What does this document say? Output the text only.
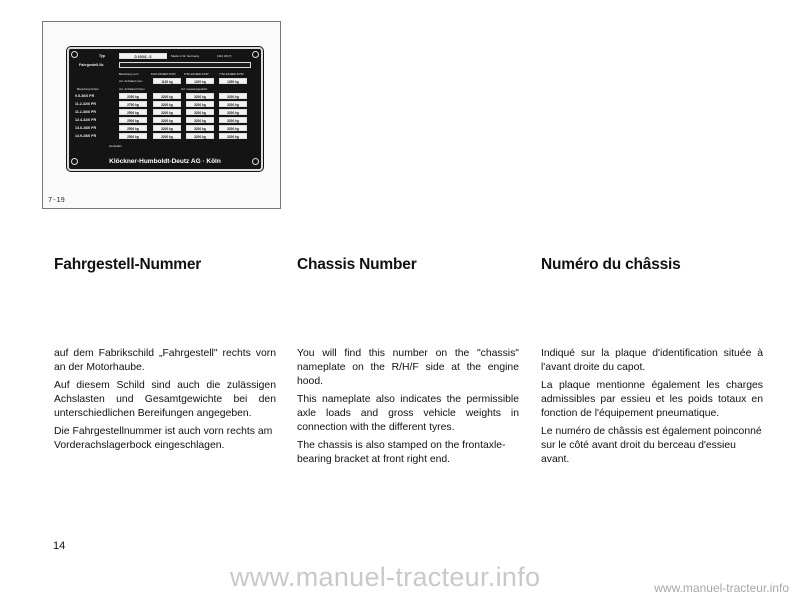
Typ	D 10002 - S	Made in W. Germany	(424 1617)
Fahrgestell-Nr.
Bereifung vorn	8.00-15/4ER-8 PR	6.50-16/4ER-6 PR	7.50-16/4ER-8 PR
zul. Achslast vorn	1120 kg	1200 kg	1250 kg
Bereifung hinten	zul. Achslast hinten	zul. Gesamtgewicht
9.5-36/6 PR	2250 kg	3200 kg	3200 kg	3200 kg
11.2-32/6 PR	2750 kg	3200 kg	3200 kg	3200 kg
11.2-36/6 PR	2500 kg	3200 kg	3200 kg	3200 kg
12.4-32/6 PR	2500 kg	3200 kg	3200 kg	3200 kg
13.6-28/6 PR	2500 kg	3200 kg	3200 kg	3200 kg
14.9-28/6 PR	2500 kg	3200 kg	3200 kg	3200 kg
Hersteller
Klöckner-Humboldt-Deutz AG · Köln
7-19
Fahrgestell-Nummer	Chassis Number	Numéro du châssis

auf dem Fabrikschild „Fahrgestell" rechts vorn an der Motorhaube.

Auf diesem Schild sind auch die zulässigen Achslasten und Gesamtgewichte bei den unterschiedlichen Bereifungen angegeben.

Die Fahrgestellnummer ist auch vorn rechts am Vorderachslagerbock eingeschlagen.

You will find this number on the "chassis" nameplate on the R/H/F side at the engine hood.

This nameplate also indicates the permissible axle loads and gross vehicle weights in connection with the different tyres.

The chassis is also stamped on the frontaxle-bearing bracket at front right end.

Indiqué sur la plaque d'identification située à l'avant droite du capot.

La plaque mentionne également les charges admissibles par essieu et les poids totaux en fonction de l'équipement pneumatique.

Le numéro de châssis est également poinconné sur le côté avant droit du berceau d'essieu avant.

14
www.manuel-tracteur.info	www.manuel-tracteur.info
